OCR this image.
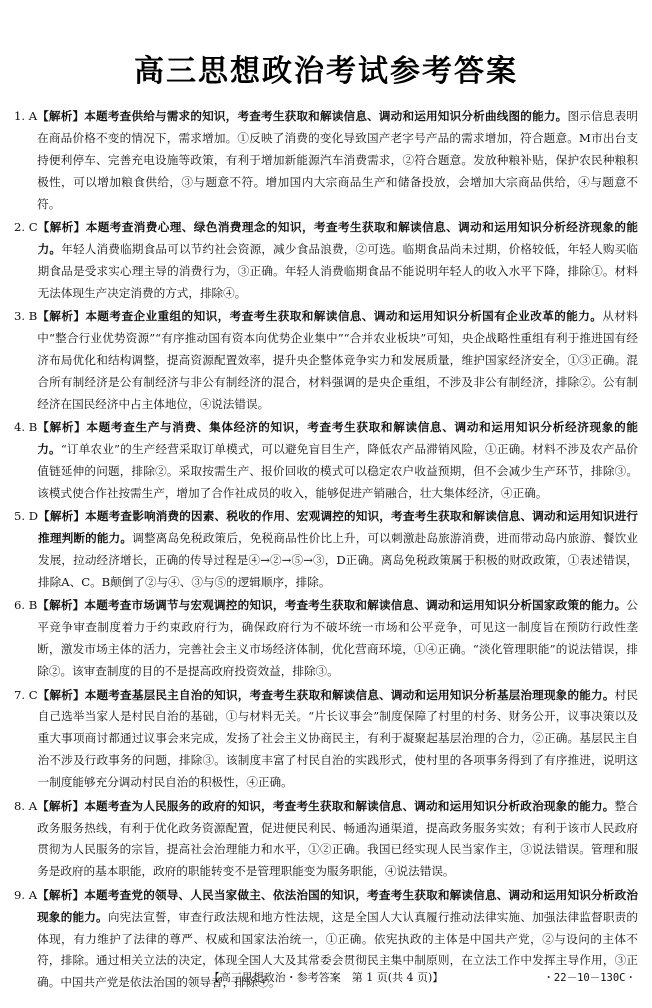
高三思想政治考试参考答案
1. A 【解析】本题考查供给与需求的知识，考查考生获取和解读信息、调动和运用知识分析曲线图的能力。图示信息表明在商品价格不变的情况下，需求增加。①反映了消费的变化导致国产老字号产品的需求增加，符合题意。M市出台支持便利停车、完善充电设施等政策，有利于增加新能源汽车消费需求，②符合题意。发放种粮补贴，保护农民种粮积极性，可以增加粮食供给，③与题意不符。增加国内大宗商品生产和储备投放，会增加大宗商品供给，④与题意不符。
2. C 【解析】本题考查消费心理、绿色消费理念的知识，考查考生获取和解读信息、调动和运用知识分析经济现象的能力。年轻人消费临期食品可以节约社会资源，减少食品浪费，②可选。临期食品尚未过期，价格较低，年轻人购买临期食品是受求实心理主导的消费行为，③正确。年轻人消费临期食品不能说明年轻人的收入水平下降，排除①。材料无法体现生产决定消费的方式，排除④。
3. B 【解析】本题考查企业重组的知识，考查考生获取和解读信息、调动和运用知识分析国有企业改革的能力。从材料中“整合行业优势资源”“有序推动国有资本向优势企业集中”“合并农业板块”可知，央企战略性重组有利于推进国有经济布局优化和结构调整，提高资源配置效率，提升央企整体竞争实力和发展质量，维护国家经济安全，①③正确。混合所有制经济是公有制经济与非公有制经济的混合，材料强调的是央企重组，不涉及非公有制经济，排除②。公有制经济在国民经济中占主体地位，④说法错误。
4. B 【解析】本题考查生产与消费、集体经济的知识，考查考生获取和解读信息、调动和运用知识分析经济现象的能力。“订单农业”的生产经营采取订单模式，可以避免盲目生产，降低农产品滞销风险，①正确。材料不涉及农产品价值链延伸的问题，排除②。采取按需生产、报价回收的模式可以稳定农户收益预期，但不会减少生产环节，排除③。该模式使合作社按需生产，增加了合作社成员的收入，能够促进产销融合，壮大集体经济，④正确。
5. D 【解析】本题考查影响消费的因素、税收的作用、宏观调控的知识，考查考生获取和解读信息、调动和运用知识进行推理判断的能力。调整离岛免税政策后，免税商品性价比上升，可以刺激赴岛旅游消费，进而带动岛内旅游、餐饮业发展，拉动经济增长，正确的传导过程是④→②→⑤→③，D正确。离岛免税政策属于积极的财政政策，①表述错误，排除A、C。B颠倒了②与④、③与⑤的逻辑顺序，排除。
6. B 【解析】本题考查市场调节与宏观调控的知识，考查考生获取和解读信息、调动和运用知识分析国家政策的能力。公平竞争审查制度着力于约束政府行为，确保政府行为不破坏统一市场和公平竞争，可见这一制度旨在预防行政性垄断，激发市场主体的活力，完善社会主义市场经济体制，优化营商环境，①④正确。“淡化管理职能”的说法错误，排除②。该审查制度的目的不是提高政府投资效益，排除③。
7. C 【解析】本题考查基层民主自治的知识，考查考生获取和解读信息、调动和运用知识分析基层治理现象的能力。村民自己选举当家人是村民自治的基础，①与材料无关。“片长议事会”制度保障了村里的村务、财务公开，议事决策以及重大事项商讨都通过议事会来完成，发扬了社会主义协商民主，有利于凝聚起基层治理的合力，②正确。基层民主自治不涉及行政事务的问题，排除③。该制度丰富了村民自治的实践形式，使村里的各项事务得到了有序推进，说明这一制度能够充分调动村民自治的积极性，④正确。
8. A 【解析】本题考查为人民服务的政府的知识，考查考生获取和解读信息、调动和运用知识分析政治现象的能力。整合政务服务热线，有利于优化政务资源配置，促进便民利民、畅通沟通渠道，提高政务服务实效；有利于该市人民政府贯彻为人民服务的宗旨，提高社会治理能力和水平，①②正确。我国已经实现人民当家作主，③说法错误。管理和服务是政府的基本职能，政府的职能转变不是管理职能变为服务职能，④说法错误。
9. A 【解析】本题考查党的领导、人民当家做主、依法治国的知识，考查考生获取和解读信息、调动和运用知识分析政治现象的能力。向宪法宣誓，审查行政法规和地方性法规，这是全国人大认真履行推动法律实施、加强法律监督职责的体现，有力维护了法律的尊严、权威和国家法治统一，①正确。依宪执政的主体是中国共产党，②与设问的主体不符，排除。通过相关立法的决定，体现全国人大及其常委会贯彻民主集中制原则，在立法工作中发挥主导作用，③正确。中国共产党是依法治国的领导者，排除④。
【高三思想政治・参考答案　第 1 页(共 4 页)】	・22－10－130C・
